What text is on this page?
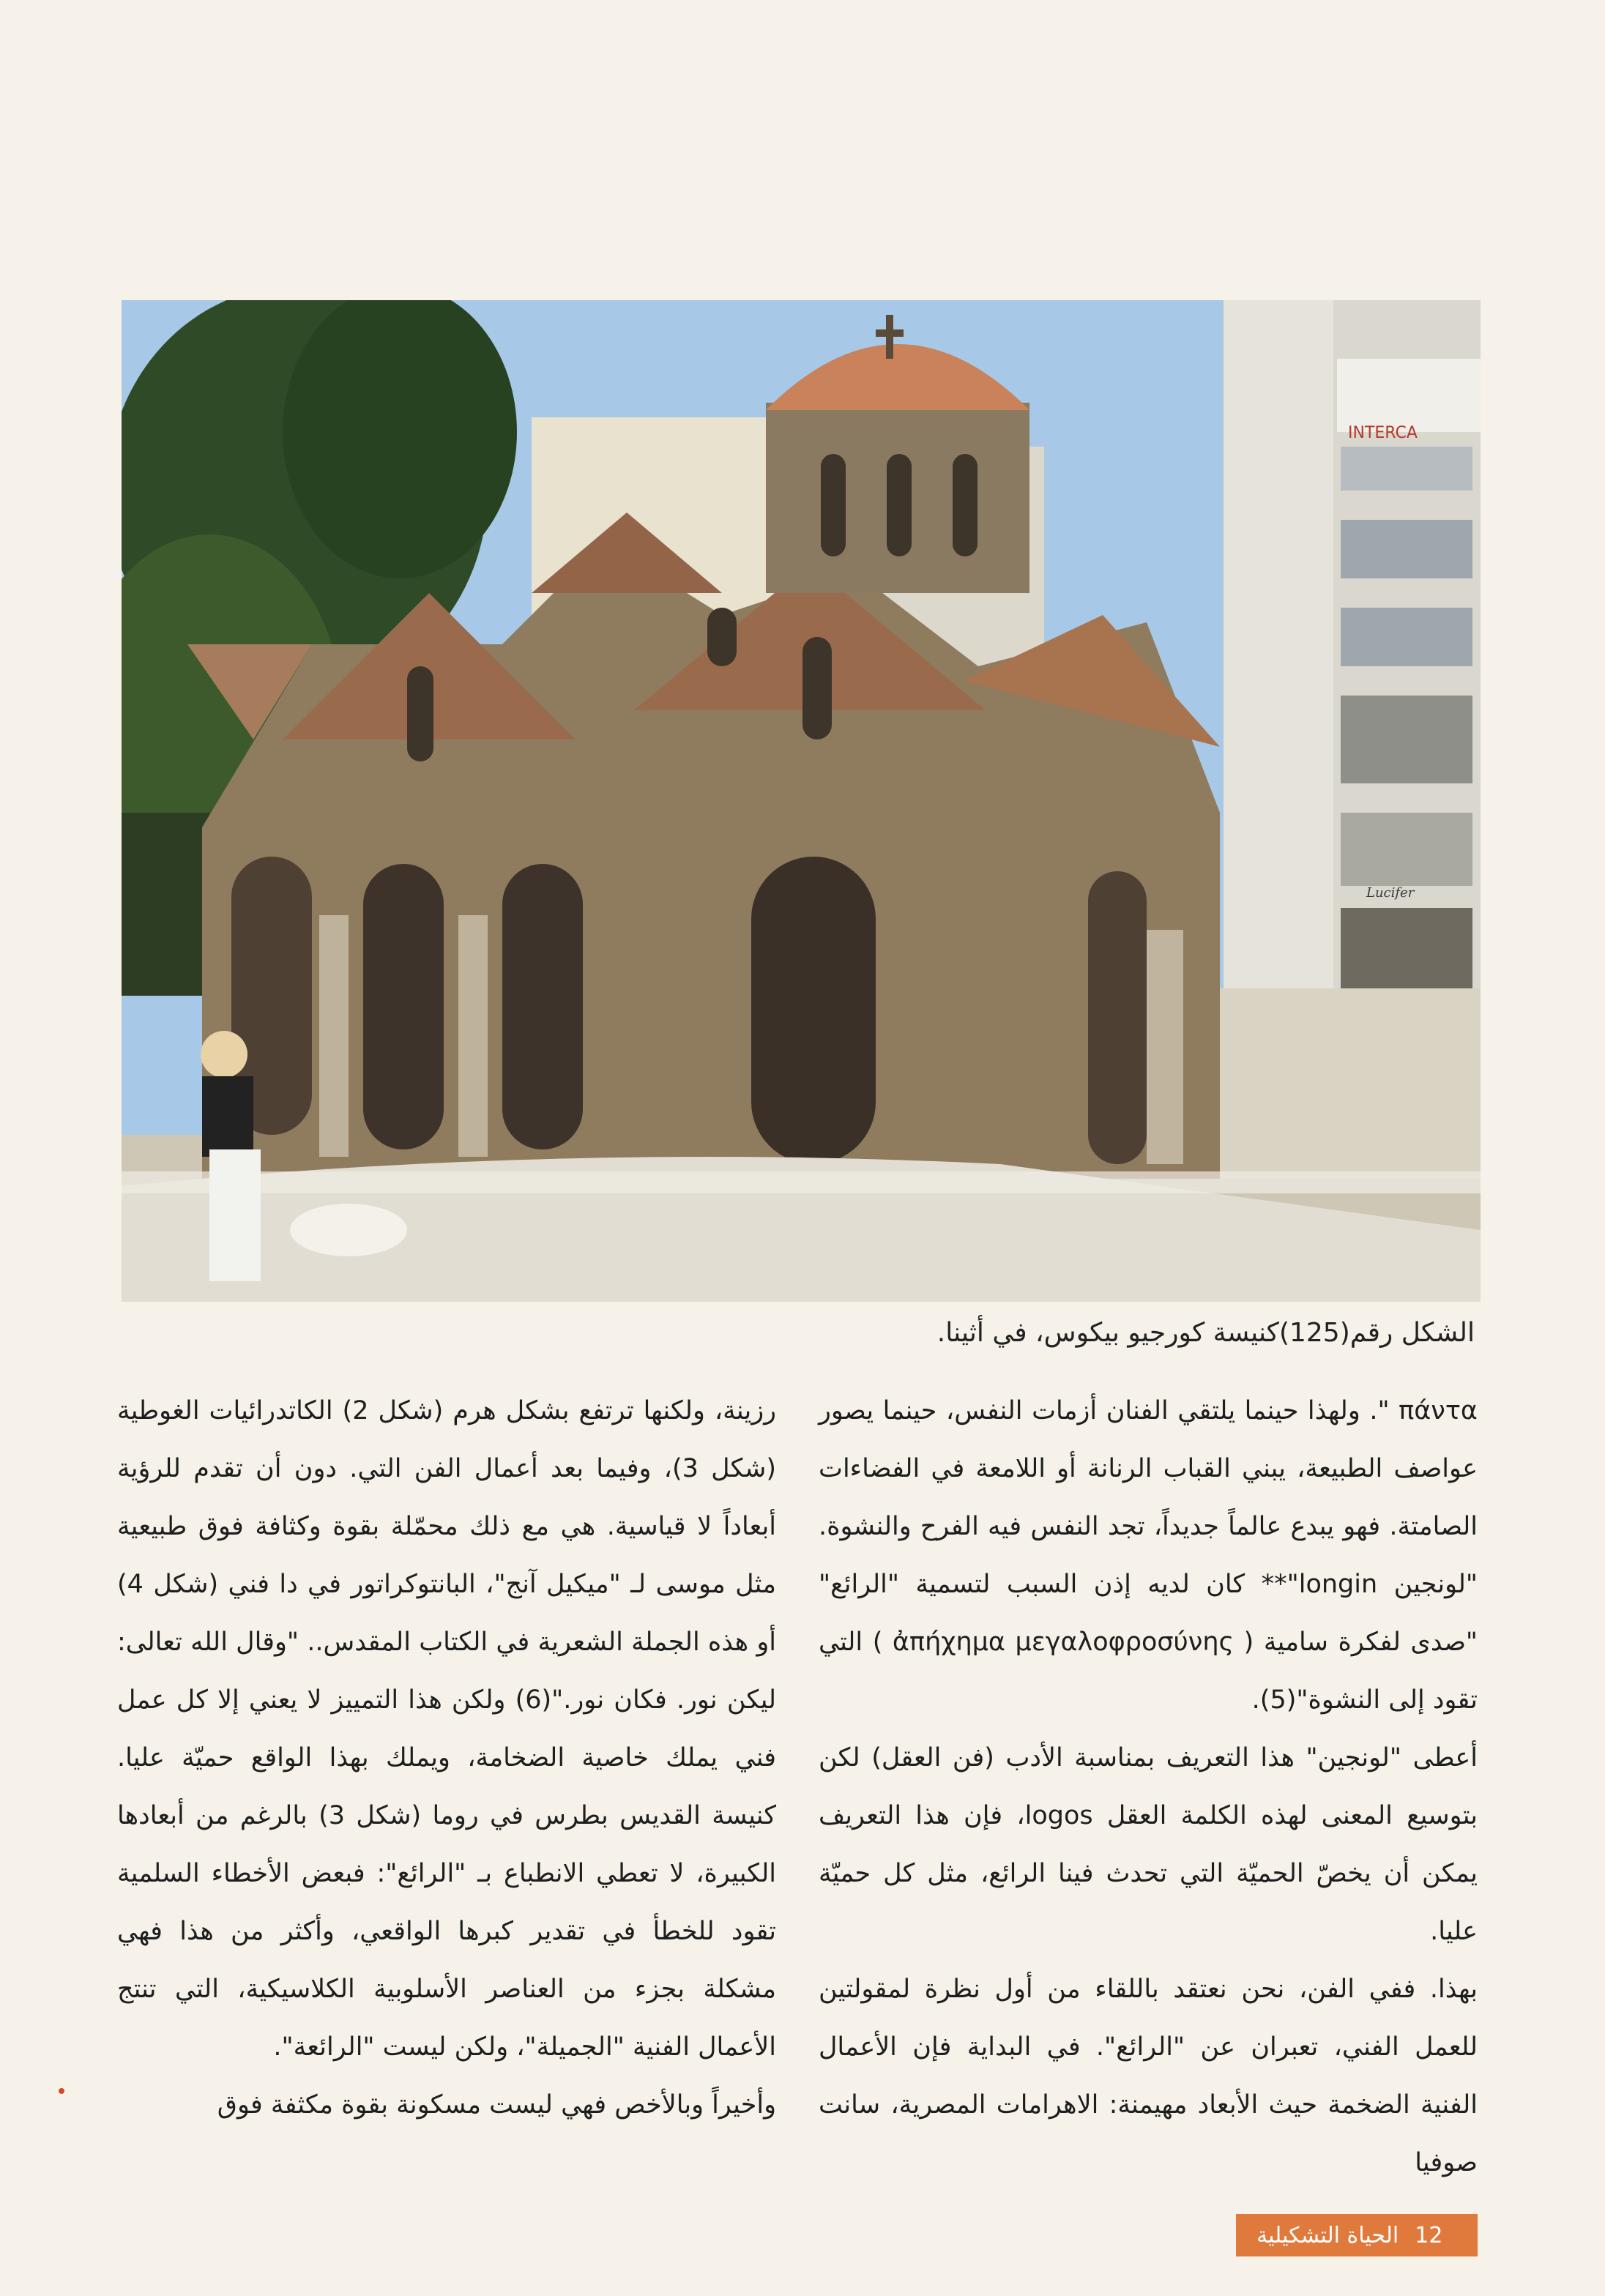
INTERCA
Lucifer
الشكل رقم(125)كنيسة كورجيو بيكوس، في أثينا.

πάντα ". ولهذا حينما يلتقي الفنان أزمات النفس، حينما يصور عواصف الطبيعة، يبني القباب الرنانة أو اللامعة في الفضاءات الصامتة. فهو يبدع عالماً جديداً، تجد النفس فيه الفرح والنشوة. "لونجين longin"** كان لديه إذن السبب لتسمية "الرائع" "صدى لفكرة سامية ( ἀπήχημα μεγαλοφροσύνης ) التي تقود إلى النشوة"(5).

أعطى "لونجين" هذا التعريف بمناسبة الأدب (فن العقل) لكن بتوسيع المعنى لهذه الكلمة العقل logos، فإن هذا التعريف يمكن أن يخصّ الحميّة التي تحدث فينا الرائع، مثل كل حميّة عليا.

بهذا. ففي الفن، نحن نعتقد باللقاء من أول نظرة لمقولتين للعمل الفني، تعبران عن "الرائع". في البداية فإن الأعمال الفنية الضخمة حيث الأبعاد مهيمنة: الاهرامات المصرية، سانت صوفيا

رزينة، ولكنها ترتفع بشكل هرم (شكل 2) الكاتدرائيات الغوطية (شكل 3)، وفيما بعد أعمال الفن التي. دون أن تقدم للرؤية أبعاداً لا قياسية. هي مع ذلك محمّلة بقوة وكثافة فوق طبيعية مثل موسى لـ "ميكيل آنج"، البانتوكراتور في دا فني (شكل 4) أو هذه الجملة الشعرية في الكتاب المقدس.. "وقال الله تعالى: ليكن نور. فكان نور."(6) ولكن هذا التمييز لا يعني إلا كل عمل فني يملك خاصية الضخامة، ويملك بهذا الواقع حميّة عليا. كنيسة القديس بطرس في روما (شكل 3) بالرغم من أبعادها الكبيرة، لا تعطي الانطباع بـ "الرائع": فبعض الأخطاء السلمية تقود للخطأ في تقدير كبرها الواقعي، وأكثر من هذا فهي مشكلة بجزء من العناصر الأسلوبية الكلاسيكية، التي تنتج الأعمال الفنية "الجميلة"، ولكن ليست "الرائعة".

وأخيراً وبالأخص فهي ليست مسكونة بقوة مكثفة فوق

12
الحياة التشكيلية
